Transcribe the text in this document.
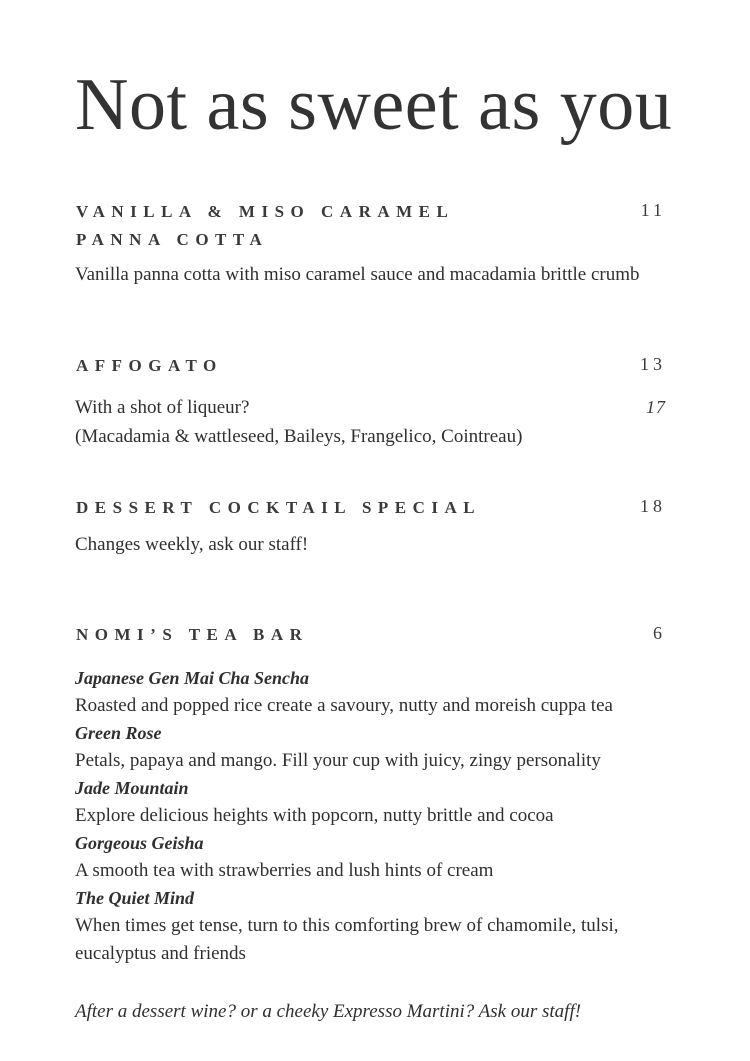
Not as sweet as you
VANILLA & MISO CARAMEL
PANNA COTTA
11
Vanilla panna cotta with miso caramel sauce and macadamia brittle crumb
AFFOGATO	13
With a shot of liqueur?	17
(Macadamia & wattleseed, Baileys, Frangelico, Cointreau)
DESSERT COCKTAIL SPECIAL	18
Changes weekly, ask our staff!
NOMI’S TEA BAR	6
Japanese Gen Mai Cha Sencha
Roasted and popped rice create a savoury, nutty and moreish cuppa tea
Green Rose
Petals, papaya and mango. Fill your cup with juicy, zingy personality
Jade Mountain
Explore delicious heights with popcorn, nutty brittle and cocoa
Gorgeous Geisha
A smooth tea with strawberries and lush hints of cream
The Quiet Mind
When times get tense, turn to this comforting brew of chamomile, tulsi, eucalyptus and friends
After a dessert wine? or a cheeky Expresso Martini? Ask our staff!
